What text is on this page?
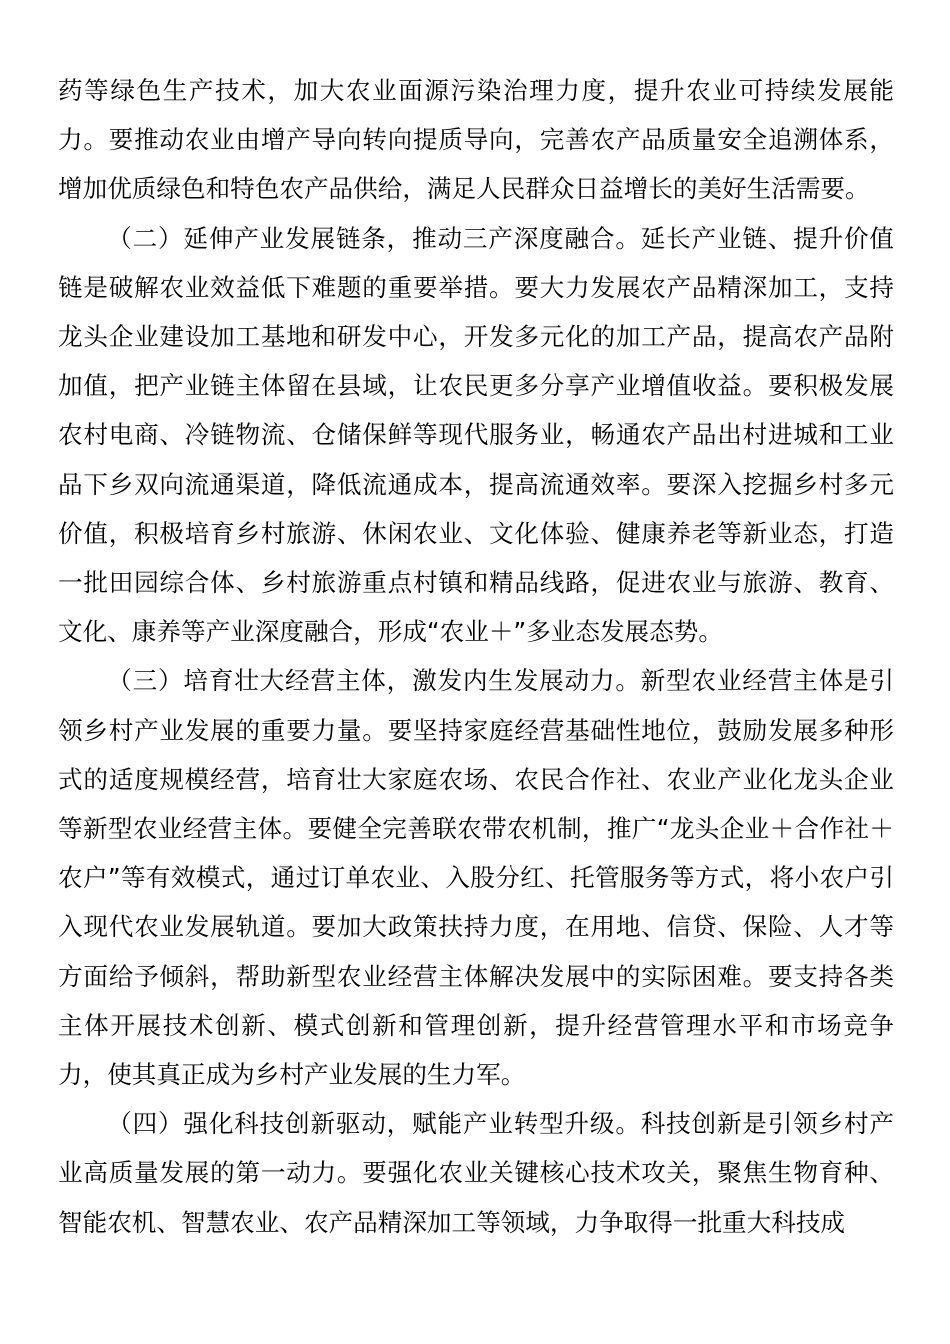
药等绿色生产技术，加大农业面源污染治理力度，提升农业可持续发展能力。要推动农业由增产导向转向提质导向，完善农产品质量安全追溯体系，增加优质绿色和特色农产品供给，满足人民群众日益增长的美好生活需要。

（二）延伸产业发展链条，推动三产深度融合。延长产业链、提升价值链是破解农业效益低下难题的重要举措。要大力发展农产品精深加工，支持龙头企业建设加工基地和研发中心，开发多元化的加工产品，提高农产品附加值，把产业链主体留在县域，让农民更多分享产业增值收益。要积极发展农村电商、冷链物流、仓储保鲜等现代服务业，畅通农产品出村进城和工业品下乡双向流通渠道，降低流通成本，提高流通效率。要深入挖掘乡村多元价值，积极培育乡村旅游、休闲农业、文化体验、健康养老等新业态，打造一批田园综合体、乡村旅游重点村镇和精品线路，促进农业与旅游、教育、文化、康养等产业深度融合，形成“农业＋”多业态发展态势。

（三）培育壮大经营主体，激发内生发展动力。新型农业经营主体是引领乡村产业发展的重要力量。要坚持家庭经营基础性地位，鼓励发展多种形式的适度规模经营，培育壮大家庭农场、农民合作社、农业产业化龙头企业等新型农业经营主体。要健全完善联农带农机制，推广“龙头企业＋合作社＋农户”等有效模式，通过订单农业、入股分红、托管服务等方式，将小农户引入现代农业发展轨道。要加大政策扶持力度，在用地、信贷、保险、人才等方面给予倾斜，帮助新型农业经营主体解决发展中的实际困难。要支持各类主体开展技术创新、模式创新和管理创新，提升经营管理水平和市场竞争力，使其真正成为乡村产业发展的生力军。

（四）强化科技创新驱动，赋能产业转型升级。科技创新是引领乡村产业高质量发展的第一动力。要强化农业关键核心技术攻关，聚焦生物育种、智能农机、智慧农业、农产品精深加工等领域，力争取得一批重大科技成
